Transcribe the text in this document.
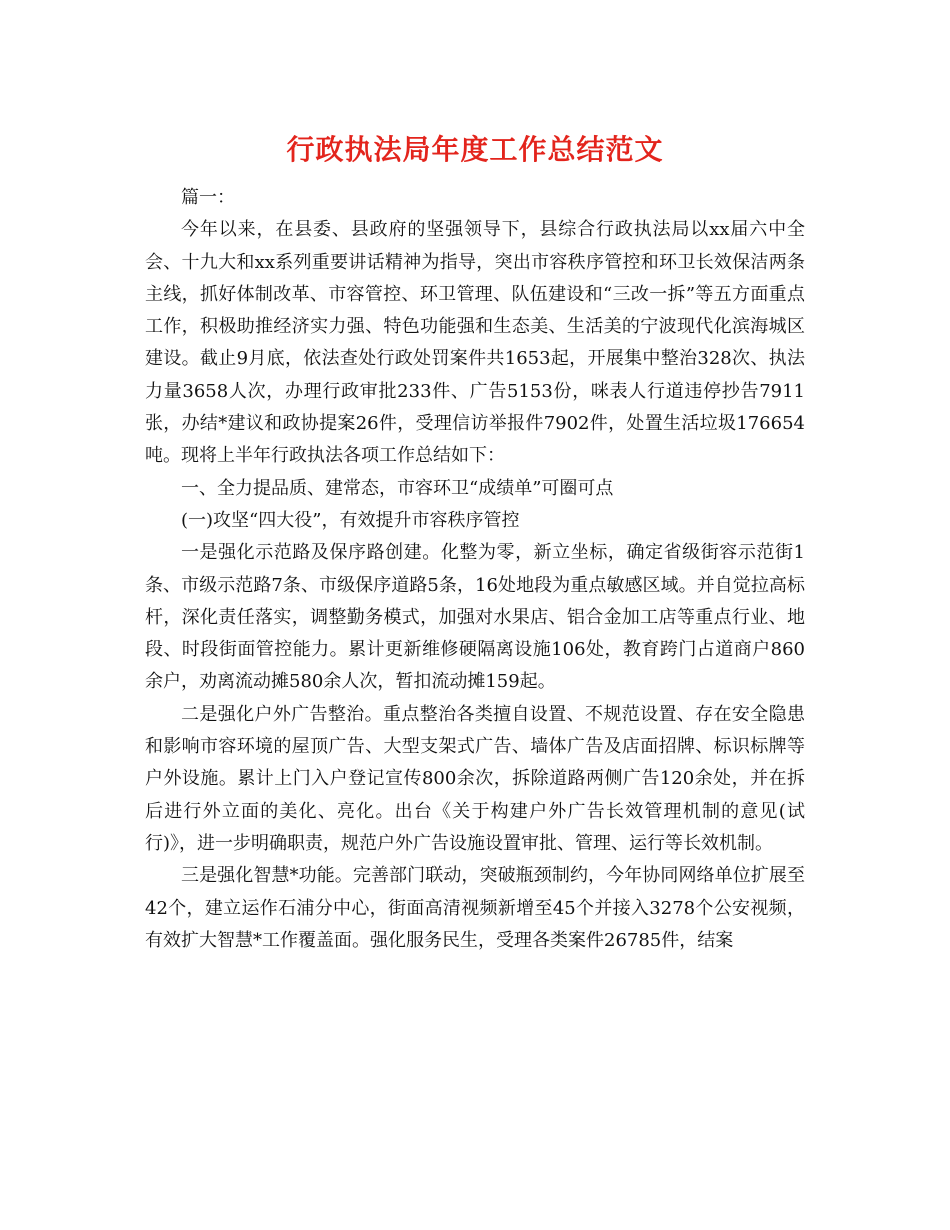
行政执法局年度工作总结范文

篇一：

今年以来，在县委、县政府的坚强领导下，县综合行政执法局以xx届六中全会、十九大和xx系列重要讲话精神为指导，突出市容秩序管控和环卫长效保洁两条主线，抓好体制改革、市容管控、环卫管理、队伍建设和“三改一拆”等五方面重点工作，积极助推经济实力强、特色功能强和生态美、生活美的宁波现代化滨海城区建设。截止9月底，依法查处行政处罚案件共1653起，开展集中整治328次、执法力量3658人次，办理行政审批233件、广告5153份，咪表人行道违停抄告7911张，办结*建议和政协提案26件，受理信访举报件7902件，处置生活垃圾176654吨。现将上半年行政执法各项工作总结如下：

一、全力提品质、建常态，市容环卫“成绩单”可圈可点

(一)攻坚“四大役”，有效提升市容秩序管控

一是强化示范路及保序路创建。化整为零，新立坐标，确定省级街容示范街1条、市级示范路7条、市级保序道路5条，16处地段为重点敏感区域。并自觉拉高标杆，深化责任落实，调整勤务模式，加强对水果店、铝合金加工店等重点行业、地段、时段街面管控能力。累计更新维修硬隔离设施106处，教育跨门占道商户860余户，劝离流动摊580余人次，暂扣流动摊159起。

二是强化户外广告整治。重点整治各类擅自设置、不规范设置、存在安全隐患和影响市容环境的屋顶广告、大型支架式广告、墙体广告及店面招牌、标识标牌等户外设施。累计上门入户登记宣传800余次，拆除道路两侧广告120余处，并在拆后进行外立面的美化、亮化。出台《关于构建户外广告长效管理机制的意见(试行)》，进一步明确职责，规范户外广告设施设置审批、管理、运行等长效机制。

三是强化智慧*功能。完善部门联动，突破瓶颈制约，今年协同网络单位扩展至42个，建立运作石浦分中心，街面高清视频新增至45个并接入3278个公安视频，有效扩大智慧*工作覆盖面。强化服务民生，受理各类案件26785件，结案
